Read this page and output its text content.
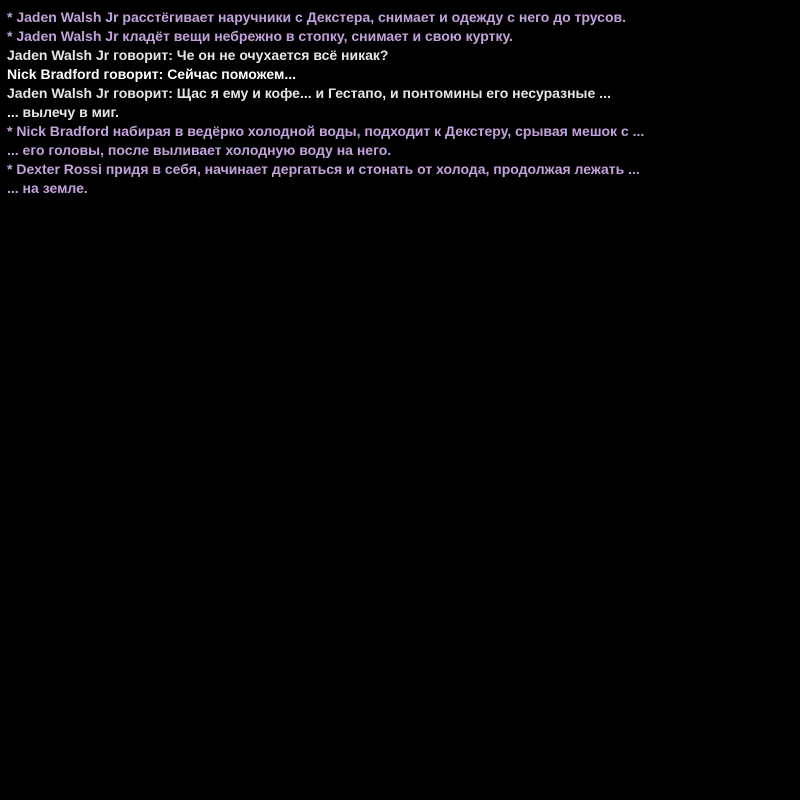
* Jaden Walsh Jr расстёгивает наручники с Декстера, снимает и одежду с него до трусов.
* Jaden Walsh Jr кладёт вещи небрежно в стопку, снимает и свою куртку.
Jaden Walsh Jr говорит: Че он не очухается всё никак?
Nick Bradford говорит: Сейчас поможем...
Jaden Walsh Jr говорит: Щас я ему и кофе... и Гестапо, и понтомины его несуразные ...
... вылечу в миг.
* Nick Bradford набирая в ведёрко холодной воды, подходит к Декстеру, срывая мешок с ...
... его головы, после выливает холодную воду на него.
* Dexter Rossi придя в себя, начинает дергаться и стонать от холода, продолжая лежать ...
... на земле.
